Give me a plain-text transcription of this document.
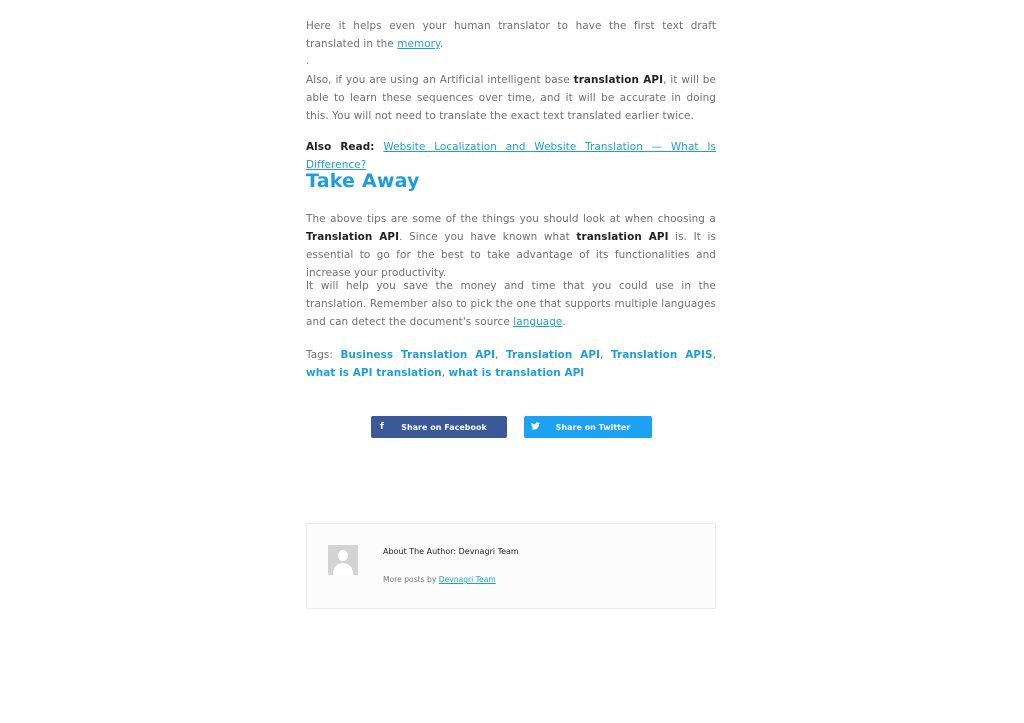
Here it helps even your human translator to have the first text draft translated in the memory.

.

Also, if you are using an Artificial intelligent base translation API, it will be able to learn these sequences over time, and it will be accurate in doing this. You will not need to translate the exact text translated earlier twice.

Also Read: Website Localization and Website Translation — What Is Difference?

Take Away

The above tips are some of the things you should look at when choosing a Translation API. Since you have known what translation API is. It is essential to go for the best to take advantage of its functionalities and increase your productivity.

It will help you save the money and time that you could use in the translation. Remember also to pick the one that supports multiple languages and can detect the document's source language.

Tags: Business Translation API, Translation API, Translation APIS, what is API translation, what is translation API

f	Share on Facebook	Share on Twitter
About The Author: Devnagri Team
More posts by Devnagri Team
